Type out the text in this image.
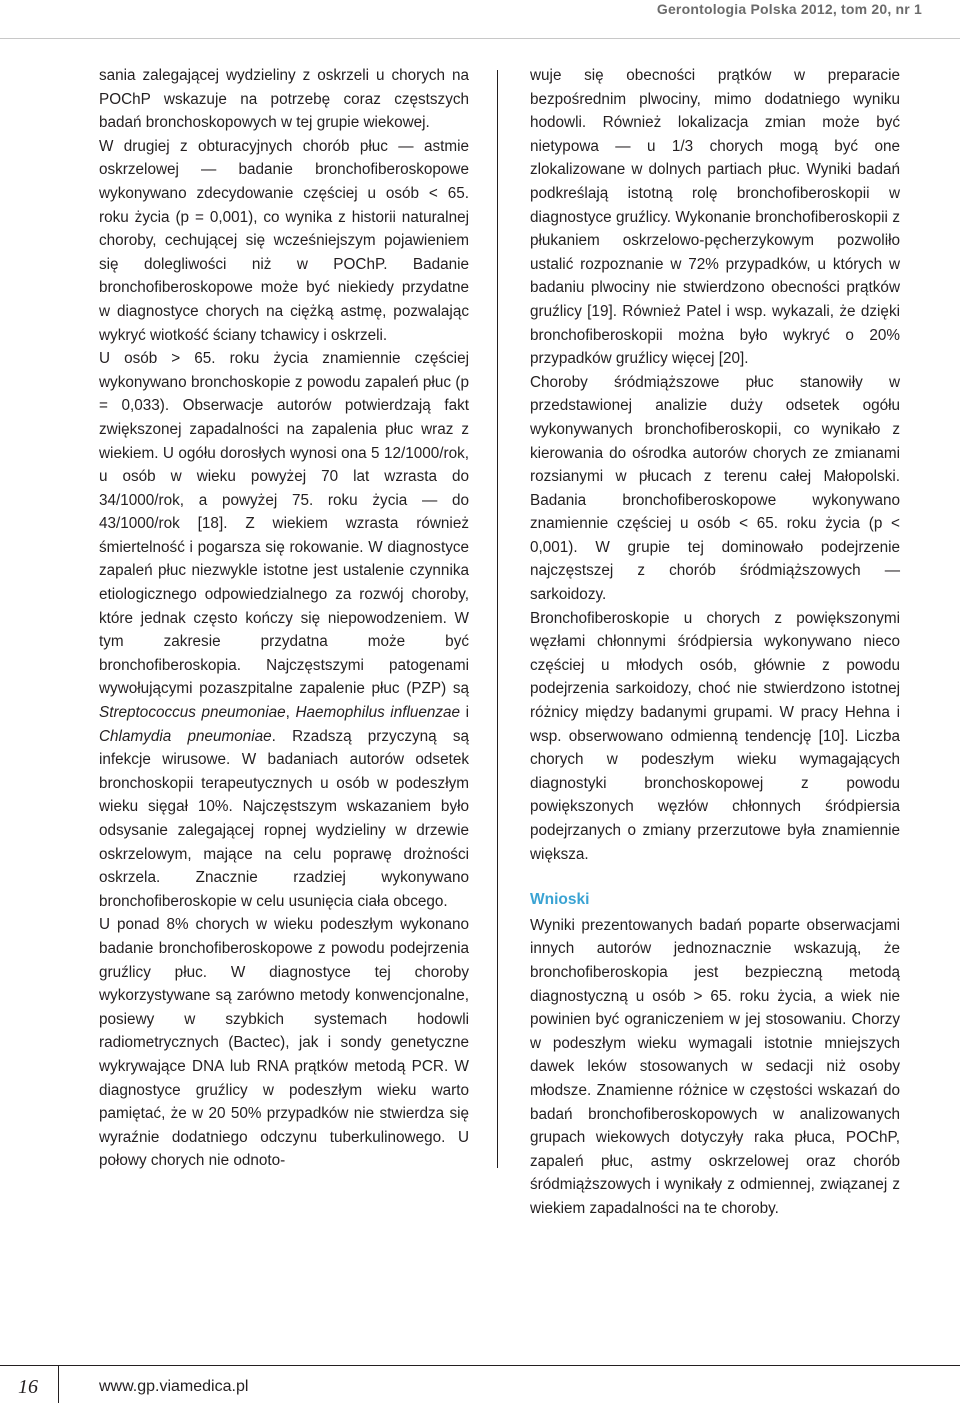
Gerontologia Polska 2012, tom 20, nr 1

sania zalegającej wydzieliny z oskrzeli u chorych na POChP wskazuje na potrzebę coraz częstszych badań bronchoskopowych w tej grupie wiekowej.

W drugiej z obturacyjnych chorób płuc — astmie oskrzelowej — badanie bronchofiberoskopowe wykonywano zdecydowanie częściej u osób < 65. roku życia (p = 0,001), co wynika z historii naturalnej choroby, cechującej się wcześniejszym pojawieniem się dolegliwości niż w POChP. Badanie bronchofiberoskopowe może być niekiedy przydatne w diagnostyce chorych na ciężką astmę, pozwalając wykryć wiotkość ściany tchawicy i oskrzeli.

U osób > 65. roku życia znamiennie częściej wykonywano bronchoskopie z powodu zapaleń płuc (p = 0,033). Obserwacje autorów potwierdzają fakt zwiększonej zapadalności na zapalenia płuc wraz z wiekiem. U ogółu dorosłych wynosi ona 5 12/1000/rok, u osób w wieku powyżej 70 lat wzrasta do 34/1000/rok, a powyżej 75. roku życia — do 43/1000/rok [18]. Z wiekiem wzrasta również śmiertelność i pogarsza się rokowanie. W diagnostyce zapaleń płuc niezwykle istotne jest ustalenie czynnika etiologicznego odpowiedzialnego za rozwój choroby, które jednak często kończy się niepowodzeniem. W tym zakresie przydatna może być bronchofiberoskopia. Najczęstszymi patogenami wywołującymi pozaszpitalne zapalenie płuc (PZP) są Streptococcus pneumoniae, Haemophilus influenzae i Chlamydia pneumoniae. Rzadszą przyczyną są infekcje wirusowe. W badaniach autorów odsetek bronchoskopii terapeutycznych u osób w podeszłym wieku sięgał 10%. Najczęstszym wskazaniem było odsysanie zalegającej ropnej wydzieliny w drzewie oskrzelowym, mające na celu poprawę drożności oskrzela. Znacznie rzadziej wykonywano bronchofiberoskopie w celu usunięcia ciała obcego.

U ponad 8% chorych w wieku podeszłym wykonano badanie bronchofiberoskopowe z powodu podejrzenia gruźlicy płuc. W diagnostyce tej choroby wykorzystywane są zarówno metody konwencjonalne, posiewy w szybkich systemach hodowli radiometrycznych (Bactec), jak i sondy genetyczne wykrywające DNA lub RNA prątków metodą PCR. W diagnostyce gruźlicy w podeszłym wieku warto pamiętać, że w 20 50% przypadków nie stwierdza się wyraźnie dodatniego odczynu tuberkulinowego. U połowy chorych nie odnoto-

wuje się obecności prątków w preparacie bezpośrednim plwociny, mimo dodatniego wyniku hodowli. Również lokalizacja zmian może być nietypowa — u 1/3 chorych mogą być one zlokalizowane w dolnych partiach płuc. Wyniki badań podkreślają istotną rolę bronchofiberoskopii w diagnostyce gruźlicy. Wykonanie bronchofiberoskopii z płukaniem oskrzelowo-pęcherzykowym pozwoliło ustalić rozpoznanie w 72% przypadków, u których w badaniu plwociny nie stwierdzono obecności prątków gruźlicy [19]. Również Patel i wsp. wykazali, że dzięki bronchofiberoskopii można było wykryć o 20% przypadków gruźlicy więcej [20].

Choroby śródmiąższowe płuc stanowiły w przedstawionej analizie duży odsetek ogółu wykonywanych bronchofiberoskopii, co wynikało z kierowania do ośrodka autorów chorych ze zmianami rozsianymi w płucach z terenu całej Małopolski. Badania bronchofiberoskopowe wykonywano znamiennie częściej u osób < 65. roku życia (p < 0,001). W grupie tej dominowało podejrzenie najczęstszej z chorób śródmiąższowych — sarkoidozy.

Bronchofiberoskopie u chorych z powiększonymi węzłami chłonnymi śródpiersia wykonywano nieco częściej u młodych osób, głównie z powodu podejrzenia sarkoidozy, choć nie stwierdzono istotnej różnicy między badanymi grupami. W pracy Hehna i wsp. obserwowano odmienną tendencję [10]. Liczba chorych w podeszłym wieku wymagających diagnostyki bronchoskopowej z powodu powiększonych węzłów chłonnych śródpiersia podejrzanych o zmiany przerzutowe była znamiennie większa.

Wnioski

Wyniki prezentowanych badań poparte obserwacjami innych autorów jednoznacznie wskazują, że bronchofiberoskopia jest bezpieczną metodą diagnostyczną u osób > 65. roku życia, a wiek nie powinien być ograniczeniem w jej stosowaniu. Chorzy w podeszłym wieku wymagali istotnie mniejszych dawek leków stosowanych w sedacji niż osoby młodsze. Znamienne różnice w częstości wskazań do badań bronchofiberoskopowych w analizowanych grupach wiekowych dotyczyły raka płuca, POChP, zapaleń płuc, astmy oskrzelowej oraz chorób śródmiąższowych i wynikały z odmiennej, związanej z wiekiem zapadalności na te choroby.

16	www.gp.viamedica.pl
